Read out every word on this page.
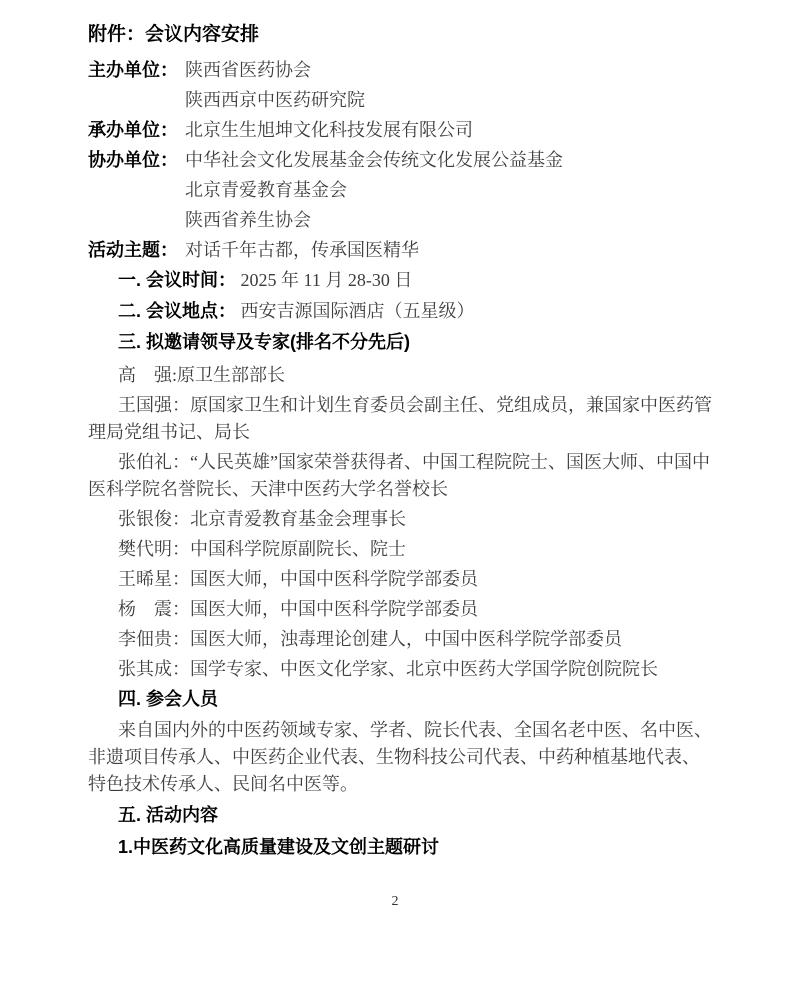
附件：会议内容安排
主办单位： 陕西省医药协会
陕西西京中医药研究院
承办单位： 北京生生旭坤文化科技发展有限公司
协办单位： 中华社会文化发展基金会传统文化发展公益基金
北京青爱教育基金会
陕西省养生协会
活动主题： 对话千年古都，传承国医精华
一. 会议时间： 2025 年 11 月 28-30 日
二. 会议地点： 西安吉源国际酒店（五星级）
三. 拟邀请领导及专家(排名不分先后)

高　强:原卫生部部长

王国强：原国家卫生和计划生育委员会副主任、党组成员，兼国家中医药管理局党组书记、局长

张伯礼：“人民英雄”国家荣誉获得者、中国工程院院士、国医大师、中国中医科学院名誉院长、天津中医药大学名誉校长

张银俊：北京青爱教育基金会理事长

樊代明：中国科学院原副院长、院士

王晞星：国医大师，中国中医科学院学部委员

杨　震：国医大师，中国中医科学院学部委员

李佃贵：国医大师，浊毒理论创建人，中国中医科学院学部委员

张其成：国学专家、中医文化学家、北京中医药大学国学院创院院长

四. 参会人员

来自国内外的中医药领域专家、学者、院长代表、全国名老中医、名中医、非遗项目传承人、中医药企业代表、生物科技公司代表、中药种植基地代表、特色技术传承人、民间名中医等。

五. 活动内容
1.中医药文化高质量建设及文创主题研讨
2
